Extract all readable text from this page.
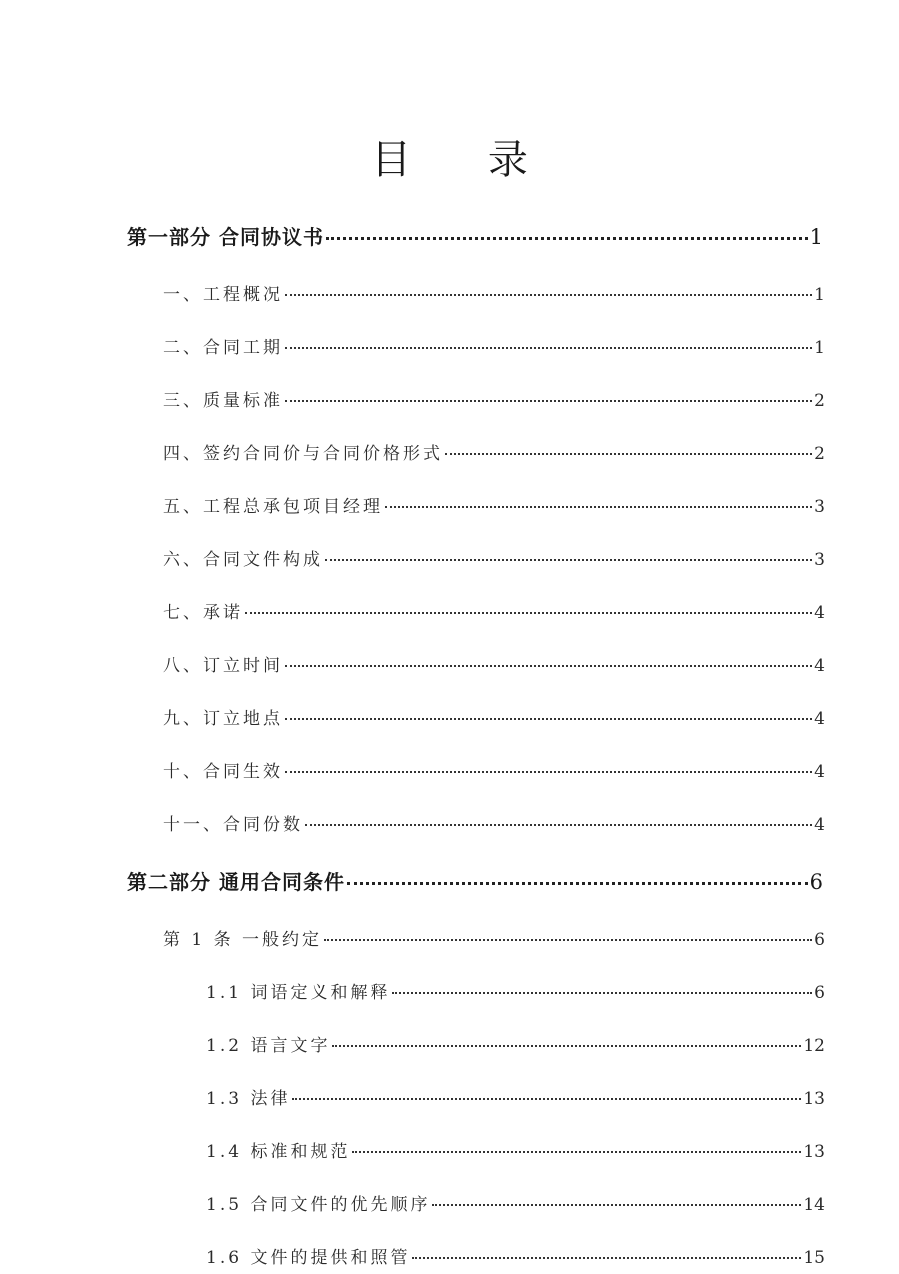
目 录
第一部分 合同协议书	1
一、工程概况	1
二、合同工期	1
三、质量标准	2
四、签约合同价与合同价格形式	2
五、工程总承包项目经理	3
六、合同文件构成	3
七、承诺	4
八、订立时间	4
九、订立地点	4
十、合同生效	4
十一、合同份数	4
第二部分 通用合同条件	6
第 1 条 一般约定	6
1.1 词语定义和解释	6
1.2 语言文字	12
1.3 法律	13
1.4 标准和规范	13
1.5 合同文件的优先顺序	14
1.6 文件的提供和照管	15
